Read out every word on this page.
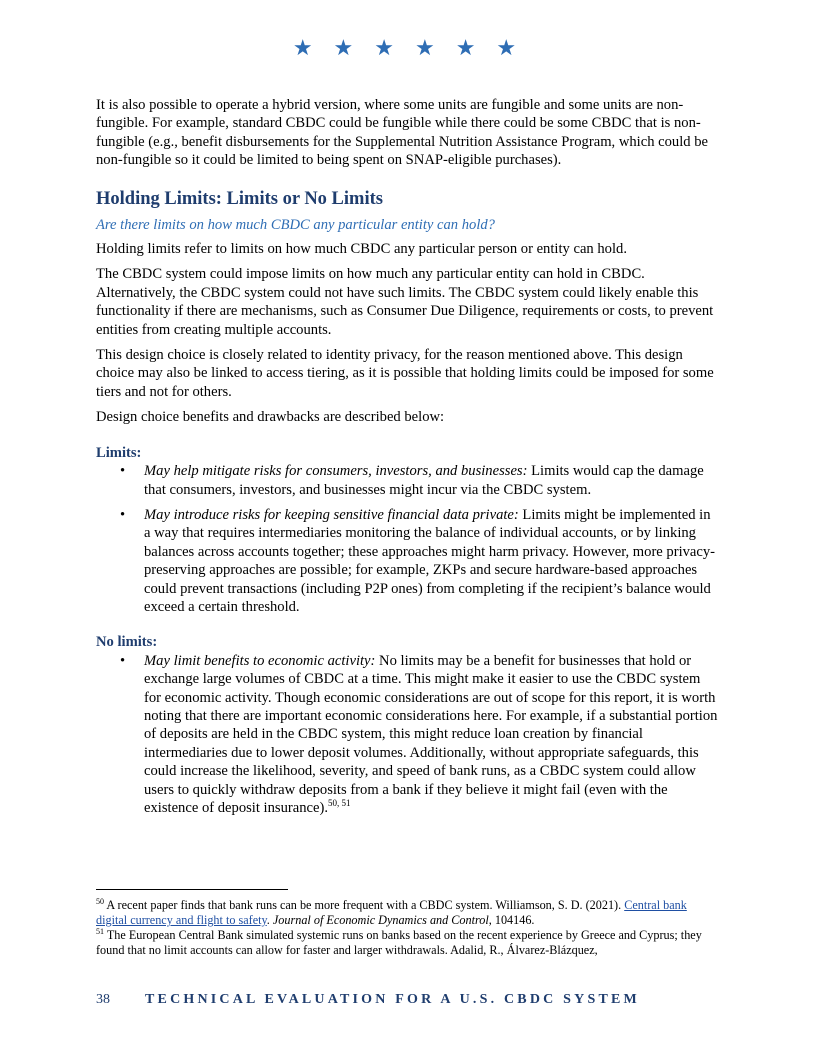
★ ★ ★ ★ ★ ★

It is also possible to operate a hybrid version, where some units are fungible and some units are non-fungible. For example, standard CBDC could be fungible while there could be some CBDC that is non-fungible (e.g., benefit disbursements for the Supplemental Nutrition Assistance Program, which could be non-fungible so it could be limited to being spent on SNAP-eligible purchases).

Holding Limits: Limits or No Limits

Are there limits on how much CBDC any particular entity can hold?

Holding limits refer to limits on how much CBDC any particular person or entity can hold.

The CBDC system could impose limits on how much any particular entity can hold in CBDC. Alternatively, the CBDC system could not have such limits. The CBDC system could likely enable this functionality if there are mechanisms, such as Consumer Due Diligence, requirements or costs, to prevent entities from creating multiple accounts.

This design choice is closely related to identity privacy, for the reason mentioned above. This design choice may also be linked to access tiering, as it is possible that holding limits could be imposed for some tiers and not for others.

Design choice benefits and drawbacks are described below:

Limits:
• May help mitigate risks for consumers, investors, and businesses: Limits would cap the damage that consumers, investors, and businesses might incur via the CBDC system.
• May introduce risks for keeping sensitive financial data private: Limits might be implemented in a way that requires intermediaries monitoring the balance of individual accounts, or by linking balances across accounts together; these approaches might harm privacy. However, more privacy-preserving approaches are possible; for example, ZKPs and secure hardware-based approaches could prevent transactions (including P2P ones) from completing if the recipient’s balance would exceed a certain threshold.
No limits:
• May limit benefits to economic activity: No limits may be a benefit for businesses that hold or exchange large volumes of CBDC at a time. This might make it easier to use the CBDC system for economic activity. Though economic considerations are out of scope for this report, it is worth noting that there are important economic considerations here. For example, if a substantial portion of deposits are held in the CBDC system, this might reduce loan creation by financial intermediaries due to lower deposit volumes. Additionally, without appropriate safeguards, this could increase the likelihood, severity, and speed of bank runs, as a CBDC system could allow users to quickly withdraw deposits from a bank if they believe it might fail (even with the existence of deposit insurance).$^{50, 51}$

$^{50}$ A recent paper finds that bank runs can be more frequent with a CBDC system. Williamson, S. D. (2021). Central bank digital currency and flight to safety. Journal of Economic Dynamics and Control, 104146.

$^{51}$ The European Central Bank simulated systemic runs on banks based on the recent experience by Greece and Cyprus; they found that no limit accounts can allow for faster and larger withdrawals. Adalid, R., Álvarez-Blázquez,

38	TECHNICAL EVALUATION FOR A U.S. CBDC SYSTEM
